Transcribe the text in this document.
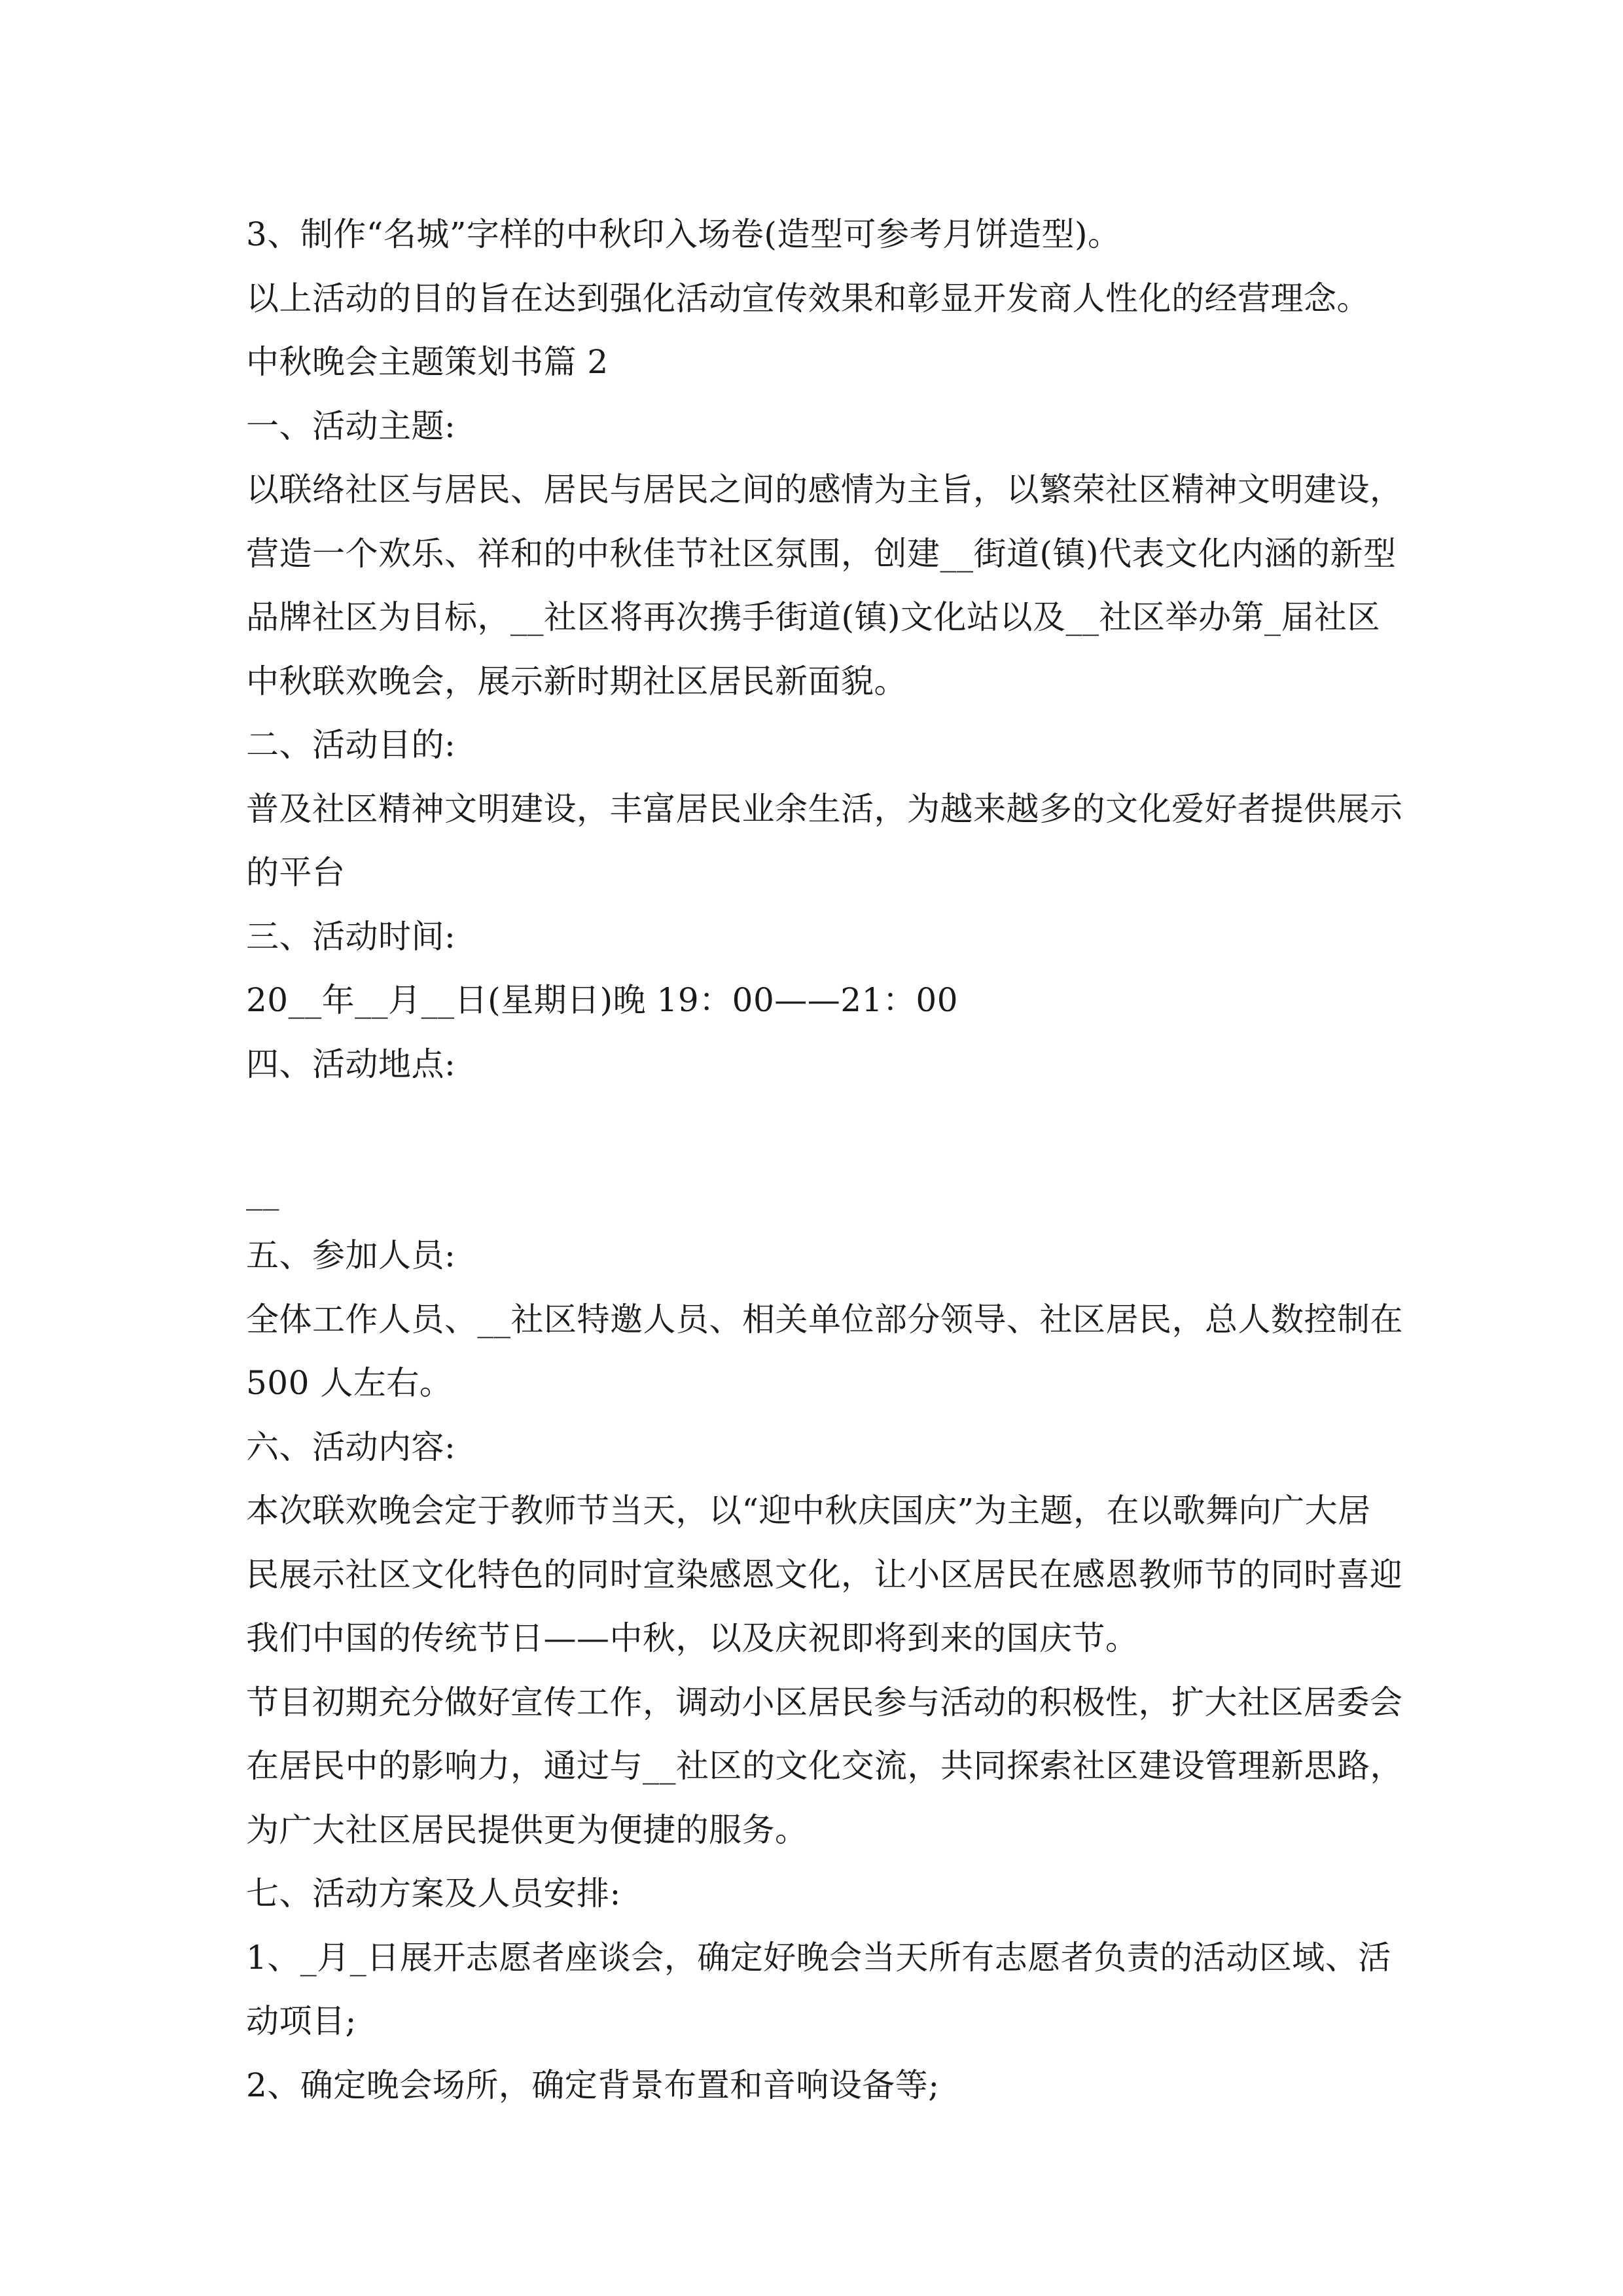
3、制作“名城”字样的中秋印入场卷(造型可参考月饼造型)。
以上活动的目的旨在达到强化活动宣传效果和彰显开发商人性化的经营理念。
中秋晚会主题策划书篇 2
一、活动主题:
以联络社区与居民、居民与居民之间的感情为主旨，以繁荣社区精神文明建设，
营造一个欢乐、祥和的中秋佳节社区氛围，创建__街道(镇)代表文化内涵的新型
品牌社区为目标，__社区将再次携手街道(镇)文化站以及__社区举办第_届社区
中秋联欢晚会，展示新时期社区居民新面貌。
二、活动目的:
普及社区精神文明建设，丰富居民业余生活，为越来越多的文化爱好者提供展示
的平台
三、活动时间:
20__年__月__日(星期日)晚 19：00——21：00
四、活动地点:
__
五、参加人员:
全体工作人员、__社区特邀人员、相关单位部分领导、社区居民，总人数控制在
500 人左右。
六、活动内容:
本次联欢晚会定于教师节当天，以“迎中秋庆国庆”为主题，在以歌舞向广大居
民展示社区文化特色的同时宣染感恩文化，让小区居民在感恩教师节的同时喜迎
我们中国的传统节日——中秋，以及庆祝即将到来的国庆节。
节目初期充分做好宣传工作，调动小区居民参与活动的积极性，扩大社区居委会
在居民中的影响力，通过与__社区的文化交流，共同探索社区建设管理新思路，
为广大社区居民提供更为便捷的服务。
七、活动方案及人员安排:
1、_月_日展开志愿者座谈会，确定好晚会当天所有志愿者负责的活动区域、活
动项目;
2、确定晚会场所，确定背景布置和音响设备等;
